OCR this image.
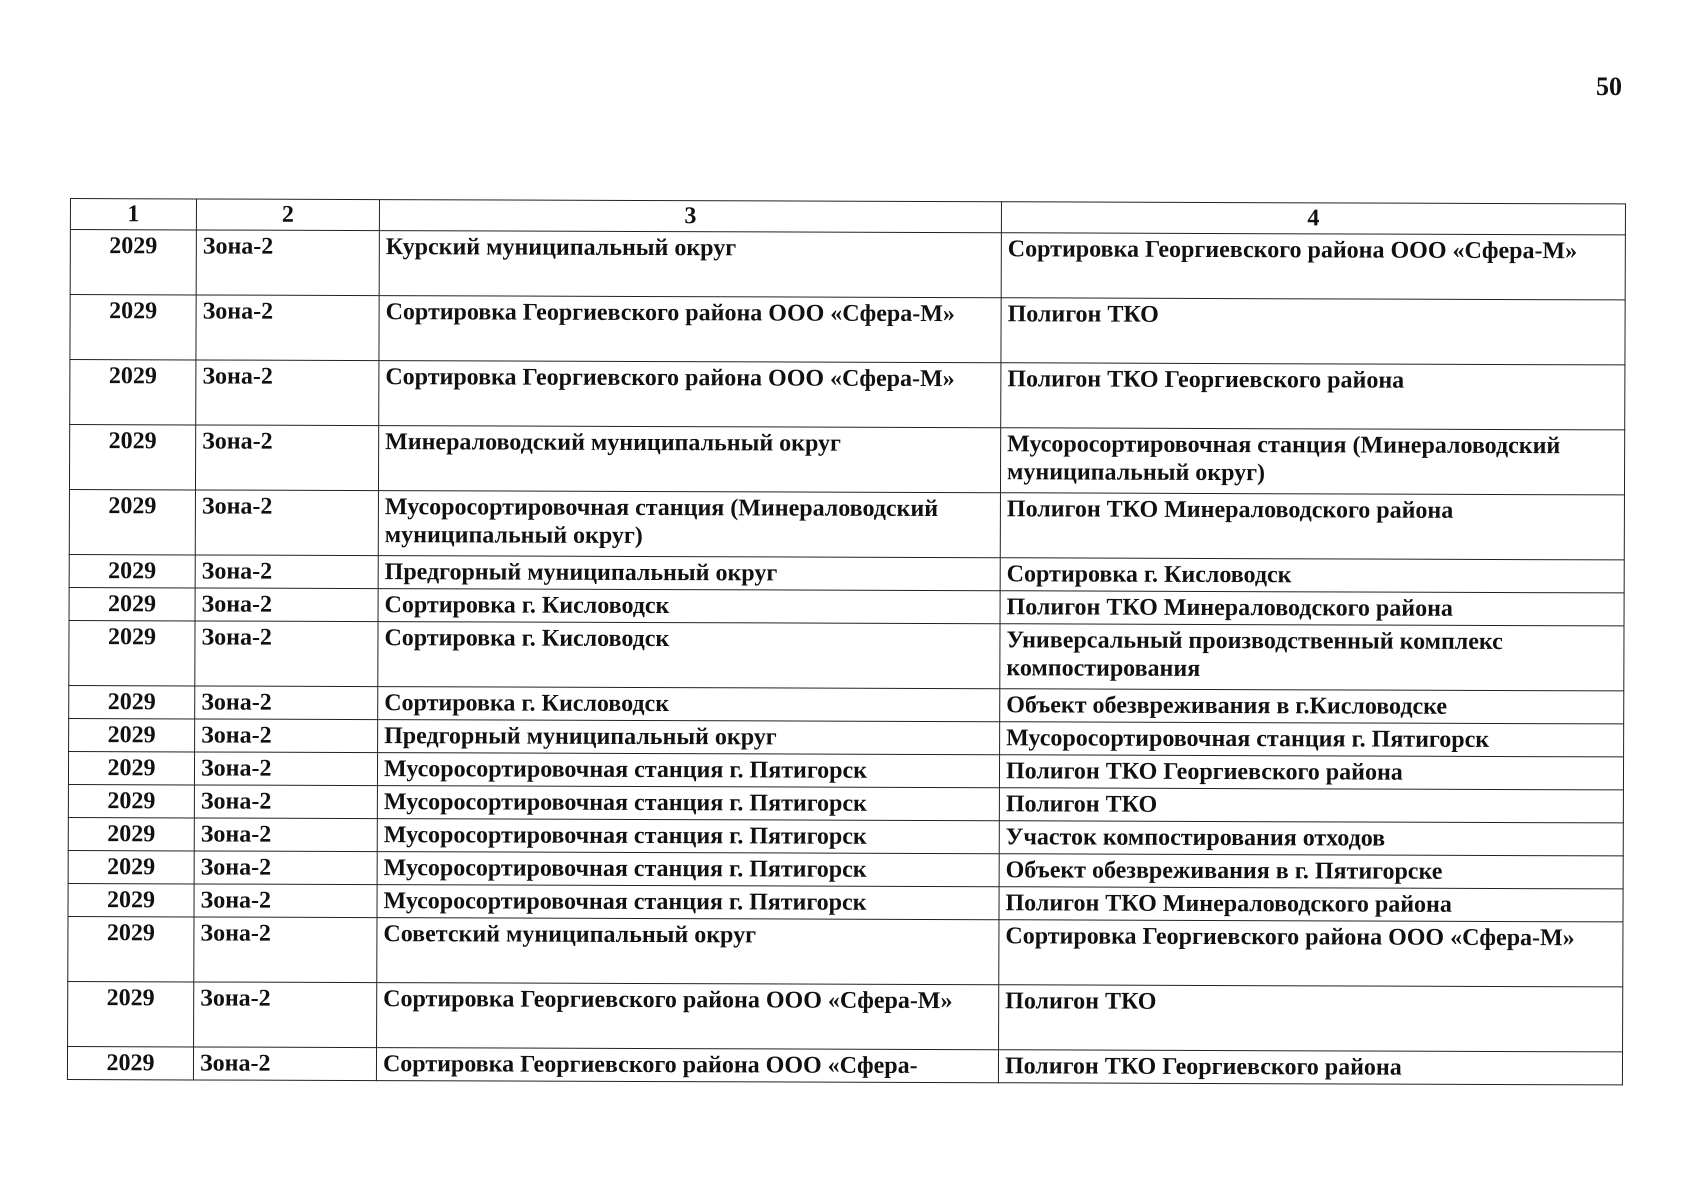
50
1	2	3	4
2029	Зона-2	Курский муниципальный округ	Сортировка Георгиевского района ООО «Сфера-М»
2029	Зона-2	Сортировка Георгиевского района ООО «Сфера-М»	Полигон ТКО
2029	Зона-2	Сортировка Георгиевского района ООО «Сфера-М»	Полигон ТКО Георгиевского района
2029	Зона-2	Минераловодский муниципальный округ	Мусоросортировочная станция (Минераловодский муниципальный округ)
2029	Зона-2	Мусоросортировочная станция (Минераловодский муниципальный округ)	Полигон ТКО Минераловодского района
2029	Зона-2	Предгорный муниципальный округ	Сортировка г. Кисловодск
2029	Зона-2	Сортировка г. Кисловодск	Полигон ТКО Минераловодского района
2029	Зона-2	Сортировка г. Кисловодск	Универсальный производственный комплекс компостирования
2029	Зона-2	Сортировка г. Кисловодск	Объект обезвреживания в г.Кисловодске
2029	Зона-2	Предгорный муниципальный округ	Мусоросортировочная станция г. Пятигорск
2029	Зона-2	Мусоросортировочная станция г. Пятигорск	Полигон ТКО Георгиевского района
2029	Зона-2	Мусоросортировочная станция г. Пятигорск	Полигон ТКО
2029	Зона-2	Мусоросортировочная станция г. Пятигорск	Участок компостирования отходов
2029	Зона-2	Мусоросортировочная станция г. Пятигорск	Объект обезвреживания в г. Пятигорске
2029	Зона-2	Мусоросортировочная станция г. Пятигорск	Полигон ТКО Минераловодского района
2029	Зона-2	Советский муниципальный округ	Сортировка Георгиевского района ООО «Сфера-М»
2029	Зона-2	Сортировка Георгиевского района ООО «Сфера-М»	Полигон ТКО
2029	Зона-2	Сортировка Георгиевского района ООО «Сфера-	Полигон ТКО Георгиевского района
